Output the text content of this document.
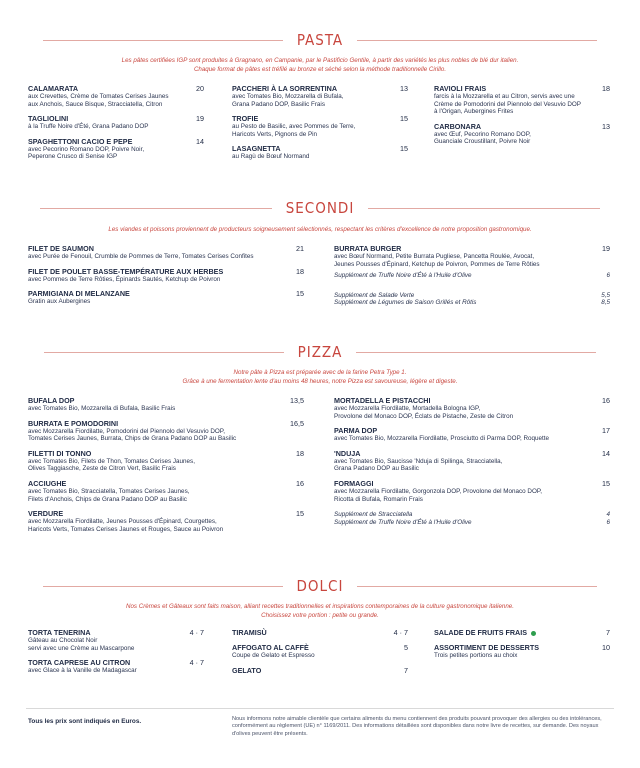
PASTA
Les pâtes certifiées IGP sont produites à Gragnano, en Campanie, par le Pastificio Gentile, à partir des variétés les plus nobles de blé dur italien.
Chaque format de pâtes est tréfilé au bronze et séché selon la méthode traditionnelle Cirillo.
CALAMARATA
aux Crevettes, Crème de Tomates Cerises Jaunes
aux Anchois, Sauce Bisque, Stracciatella, Citron
20
TAGLIOLINI
à la Truffe Noire d'Été, Grana Padano DOP
19
SPAGHETTONI CACIO E PEPE
avec Pecorino Romano DOP, Poivre Noir,
Peperone Crusco di Senise IGP
14
PACCHERI À LA SORRENTINA
avec Tomates Bio, Mozzarella di Bufala,
Grana Padano DOP, Basilic Frais
13
TROFIE
au Pesto de Basilic, avec Pommes de Terre,
Haricots Verts, Pignons de Pin
15
LASAGNETTA
au Ragù de Bœuf Normand
15
RAVIOLI FRAIS
farcis à la Mozzarella et au Citron, servis avec une
Crème de Pomodorini del Piennolo del Vesuvio DOP
à l'Origan, Aubergines Frites
18
CARBONARA
avec Œuf, Pecorino Romano DOP,
Guanciale Croustillant, Poivre Noir
13
SECONDI
Les viandes et poissons proviennent de producteurs soigneusement sélectionnés, respectant les critères d'excellence de notre proposition gastronomique.
FILET DE SAUMON
avec Purée de Fenouil, Crumble de Pommes de Terre, Tomates Cerises Confites
21
FILET DE POULET BASSE-TEMPÉRATURE AUX HERBES
avec Pommes de Terre Rôties, Épinards Sautés, Ketchup de Poivron
18
PARMIGIANA DI MELANZANE
Gratin aux Aubergines
15
BURRATA BURGER
avec Bœuf Normand, Petite Burrata Pugliese, Pancetta Roulée, Avocat,
Jeunes Pousses d'Épinard, Ketchup de Poivron, Pommes de Terre Rôties
19
Supplément de Truffe Noire d'Été à l'Huile d'Olive	6
Supplément de Salade Verte	5,5
Supplément de Légumes de Saison Grillés et Rôtis	8,5
PIZZA
Notre pâte à Pizza est préparée avec de la farine Petra Type 1.
Grâce à une fermentation lente d'au moins 48 heures, notre Pizza est savoureuse, légère et digeste.
BUFALA DOP
avec Tomates Bio, Mozzarella di Bufala, Basilic Frais
13,5
BURRATA E POMODORINI
avec Mozzarella Fiordilatte, Pomodorini del Piennolo del Vesuvio DOP,
Tomates Cerises Jaunes, Burrata, Chips de Grana Padano DOP au Basilic
16,5
FILETTI DI TONNO
avec Tomates Bio, Filets de Thon, Tomates Cerises Jaunes,
Olives Taggiasche, Zeste de Citron Vert, Basilic Frais
18
ACCIUGHE
avec Tomates Bio, Stracciatella, Tomates Cerises Jaunes,
Filets d'Anchois, Chips de Grana Padano DOP au Basilic
16
VERDURE
avec Mozzarella Fiordilatte, Jeunes Pousses d'Épinard, Courgettes,
Haricots Verts, Tomates Cerises Jaunes et Rouges, Sauce au Poivron
15
MORTADELLA E PISTACCHI
avec Mozzarella Fiordilatte, Mortadella Bologna IGP,
Provolone del Monaco DOP, Éclats de Pistache, Zeste de Citron
16
PARMA DOP
avec Tomates Bio, Mozzarella Fiordilatte, Prosciutto di Parma DOP, Roquette
17
'NDUJA
avec Tomates Bio, Saucisse 'Nduja di Spilinga, Stracciatella,
Grana Padano DOP au Basilic
14
FORMAGGI
avec Mozzarella Fiordilatte, Gorgonzola DOP, Provolone del Monaco DOP,
Ricotta di Bufala, Romarin Frais
15
Supplément de Stracciatella	4
Supplément de Truffe Noire d'Été à l'Huile d'Olive	6
DOLCI
Nos Crèmes et Gâteaux sont faits maison, alliant recettes traditionnelles et inspirations contemporaines de la culture gastronomique italienne.
Choisissez votre portion : petite ou grande.
TORTA TENERINA
Gâteau au Chocolat Noir
servi avec une Crème au Mascarpone
4 · 7
TORTA CAPRESE AU CITRON
avec Glace à la Vanille de Madagascar
4 · 7
TIRAMISÙ	4 · 7
AFFOGATO AL CAFFÈ
Coupe de Gelato et Espresso
5
GELATO	7
SALADE DE FRUITS FRAIS	7
ASSORTIMENT DE DESSERTS
Trois petites portions au choix
10
Tous les prix sont indiqués en Euros.	Nous informons notre aimable clientèle que certains aliments du menu contiennent des produits pouvant provoquer des allergies ou des intolérances, conformément au règlement (UE) n° 1169/2011. Des informations détaillées sont disponibles dans notre livre de recettes, sur demande. Des noyaux d'olives peuvent être présents.
